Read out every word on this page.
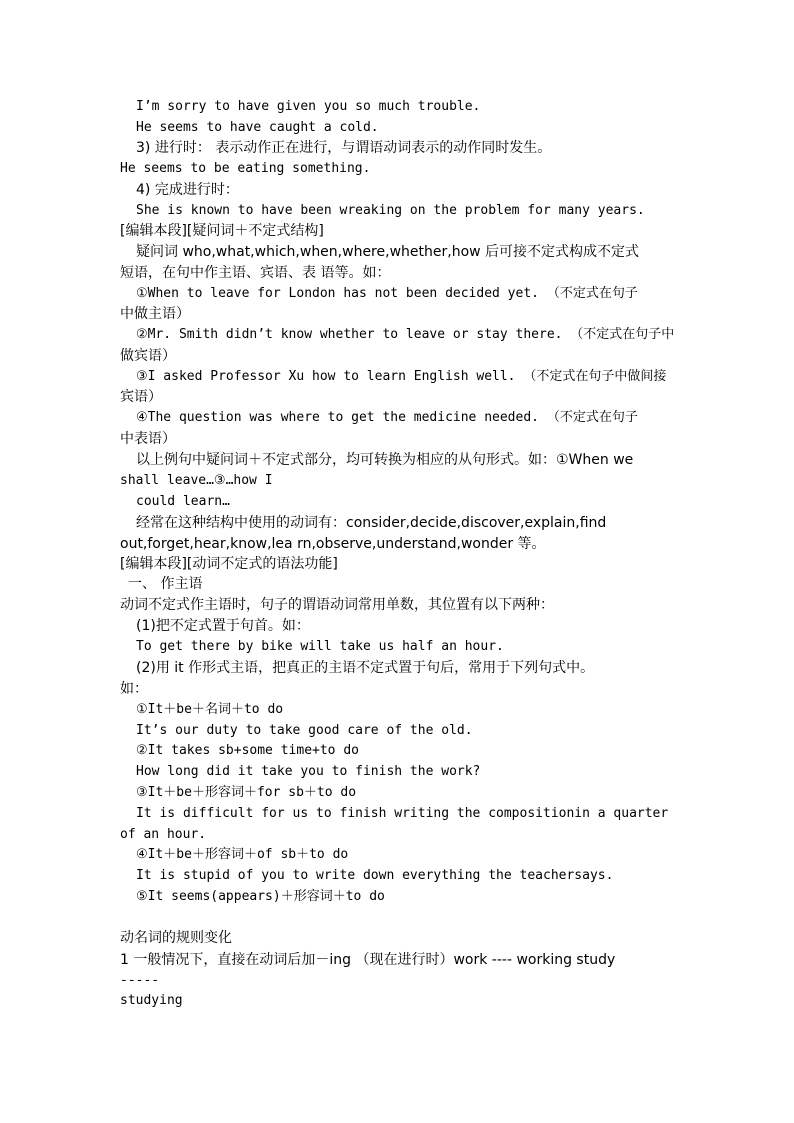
I’m sorry to have given you so much trouble.
He seems to have caught a cold.
3) 进行时： 表示动作正在进行，与谓语动词表示的动作同时发生。
He seems to be eating something.
4) 完成进行时：
She is known to have been wreaking on the problem for many years.
[编辑本段][疑问词＋不定式结构]
疑问词 who,what,which,when,where,whether,how 后可接不定式构成不定式
短语，在句中作主语、宾语、表 语等。如：
①When to leave for London has not been decided yet. （不定式在句子
中做主语）
②Mr. Smith didn’t know whether to leave or stay there. （不定式在句子中
做宾语）
③I asked Professor Xu how to learn English well. （不定式在句子中做间接
宾语）
④The question was where to get the medicine needed. （不定式在句子
中表语）
以上例句中疑问词＋不定式部分，均可转换为相应的从句形式。如：①When we
shall leave…③…how I
could learn…
经常在这种结构中使用的动词有：consider,decide,discover,explain,find
out,forget,hear,know,lea rn,observe,understand,wonder 等。
[编辑本段][动词不定式的语法功能]
一、 作主语
动词不定式作主语时，句子的谓语动词常用单数，其位置有以下两种：
(1)把不定式置于句首。如：
To get there by bike will take us half an hour.
(2)用 it 作形式主语，把真正的主语不定式置于句后，常用于下列句式中。
如：
①It＋be＋名词＋to do
It’s our duty to take good care of the old.
②It takes sb+some time+to do
How long did it take you to finish the work?
③It＋be＋形容词＋for sb＋to do
It is difficult for us to finish writing the compositionin a quarter
of an hour.
④It＋be＋形容词＋of sb＋to do
It is stupid of you to write down everything the teachersays.
⑤It seems(appears)＋形容词＋to do
动名词的规则变化
1 一般情况下，直接在动词后加－ing （现在进行时）work ---- working study
-----
studying
